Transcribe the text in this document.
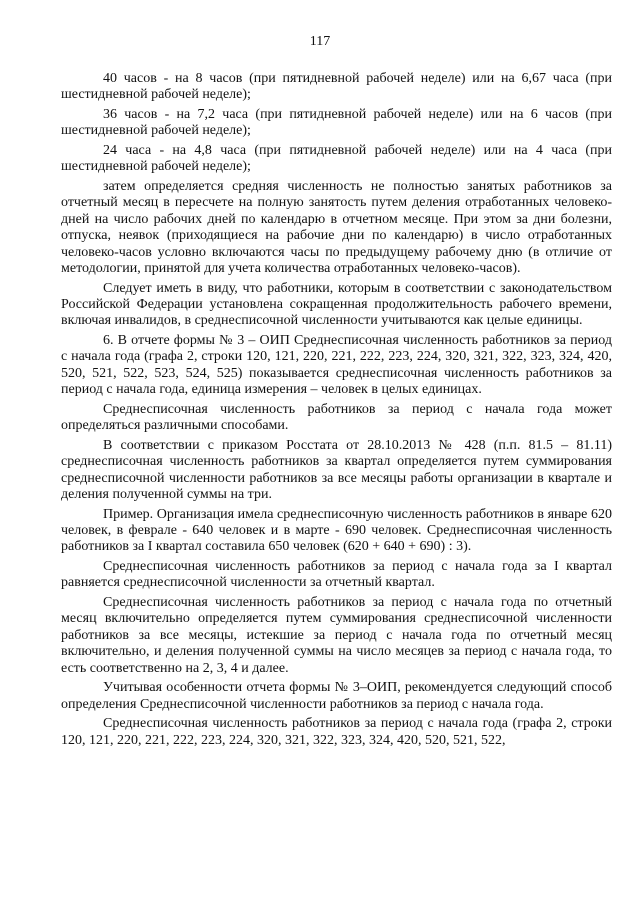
117

40 часов - на 8 часов (при пятидневной рабочей неделе) или на 6,67 часа (при шестидневной рабочей неделе);

36 часов - на 7,2 часа (при пятидневной рабочей неделе) или на 6 часов (при шестидневной рабочей неделе);

24 часа - на 4,8 часа (при пятидневной рабочей неделе) или на 4 часа (при шестидневной рабочей неделе);

затем определяется средняя численность не полностью занятых работников за отчетный месяц в пересчете на полную занятость путем деления отработанных человеко-дней на число рабочих дней по календарю в отчетном месяце. При этом за дни болезни, отпуска, неявок (приходящиеся на рабочие дни по календарю) в число отработанных человеко-часов условно включаются часы по предыдущему рабочему дню (в отличие от методологии, принятой для учета количества отработанных человеко-часов).

Следует иметь в виду, что работники, которым в соответствии с законодательством Российской Федерации установлена сокращенная продолжительность рабочего времени, включая инвалидов, в среднесписочной численности учитываются как целые единицы.

6. В отчете формы № 3 – ОИП Среднесписочная численность работников за период с начала года (графа 2, строки 120, 121, 220, 221, 222, 223, 224, 320, 321, 322, 323, 324, 420, 520, 521, 522, 523, 524, 525) показывается среднесписочная численность работников за период с начала года, единица измерения – человек в целых единицах.

Среднесписочная численность работников за период с начала года может определяться различными способами.

В соответствии с приказом Росстата от 28.10.2013 № 428 (п.п. 81.5 – 81.11) среднесписочная численность работников за квартал определяется путем суммирования среднесписочной численности работников за все месяцы работы организации в квартале и деления полученной суммы на три.

Пример. Организация имела среднесписочную численность работников в январе 620 человек, в феврале - 640 человек и в марте - 690 человек. Среднесписочная численность работников за I квартал составила 650 человек (620 + 640 + 690) : 3).

Среднесписочная численность работников за период с начала года за I квартал равняется среднесписочной численности за отчетный квартал.

Среднесписочная численность работников за период с начала года по отчетный месяц включительно определяется путем суммирования среднесписочной численности работников за все месяцы, истекшие за период с начала года по отчетный месяц включительно, и деления полученной суммы на число месяцев за период с начала года, то есть соответственно на 2, 3, 4 и далее.

Учитывая особенности отчета формы № 3–ОИП, рекомендуется следующий способ определения Среднесписочной численности работников за период с начала года.

Среднесписочная численность работников за период с начала года (графа 2, строки 120, 121, 220, 221, 222, 223, 224, 320, 321, 322, 323, 324, 420, 520, 521, 522,
